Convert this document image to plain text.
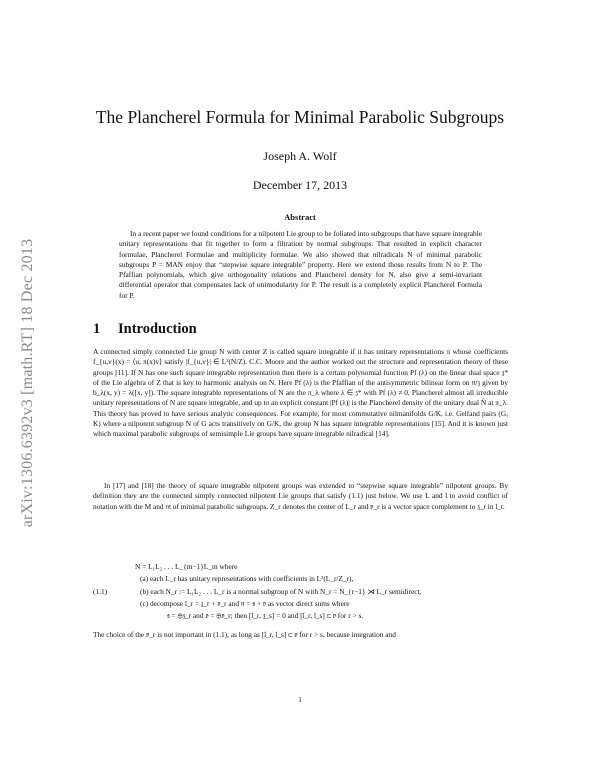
arXiv:1306.6392v3 [math.RT] 18 Dec 2013
The Plancherel Formula for Minimal Parabolic Subgroups
Joseph A. Wolf
December 17, 2013
Abstract
In a recent paper we found conditions for a nilpotent Lie group to be foliated into subgroups that have square integrable unitary representations that fit together to form a filtration by normal subgroups. That resulted in explicit character formulae, Plancherel Formulae and multiplicity formulae. We also showed that nilradicals N of minimal parabolic subgroups P = MAN enjoy that “stepwise square integrable” property. Here we extend those results from N to P. The Pfaffian polynomials, which give orthogonality relations and Plancherel density for N, also give a semi-invariant differential operator that compensates lack of unimodularity for P. The result is a completely explicit Plancherel Formula for P.
1 Introduction
A connected simply connected Lie group N with center Z is called square integrable if it has unitary representations π whose coefficients f_{u,v}(x) = ⟨u, π(x)v⟩ satisfy |f_{u,v}| ∈ L²(N/Z). C.C. Moore and the author worked out the structure and representation theory of these groups [11]. If N has one such square integrable representation then there is a certain polynomial function Pf (λ) on the linear dual space 𝔷* of the Lie algebra of Z that is key to harmonic analysis on N. Here Pf (λ) is the Pfaffian of the antisymmetric bilinear form on 𝔫/𝔷 given by b_λ(x, y) = λ([x, y]). The square integrable representations of N are the π_λ where λ ∈ 𝔷* with Pf (λ) ≠ 0, Plancherel almost all irreducible unitary representations of N are square integrable, and up to an explicit constant |Pf (λ)| is the Plancherel density of the unitary dual N̂ at π_λ. This theory has proved to have serious analytic consequences. For example, for most commutative nilmanifolds G/K, i.e. Gelfand pairs (G, K) where a nilpotent subgroup N of G acts transitively on G/K, the group N has square integrable representations [15]. And it is known just which maximal parabolic subgroups of semisimple Lie groups have square integrable nilradical [14].
In [17] and [18] the theory of square integrable nilpotent groups was extended to “stepwise square integrable” nilpotent groups. By definition they are the connected simply connected nilpotent Lie groups that satisfy (1.1) just below. We use L and 𝔩 to avoid conflict of notation with the M and 𝔪 of minimal parabolic subgroups. Z_r denotes the center of L_r and 𝔳_r is a vector space complement to 𝔷_r in 𝔩_r.
N = L₁L₂ . . . L_{m−1}L_m where
(a) each L_r has unitary representations with coefficients in L²(L_r/Z_r),
(1.1)	(b) each N_r := L₁L₂ . . . L_r is a normal subgroup of N with N_r = N_{r−1} ⋊ L_r semidirect,
(c) decompose 𝔩_r = 𝔷_r + 𝔳_r and 𝔫 = 𝔰 + 𝔳 as vector direct sums where
𝔰 = ⊕𝔷_r and 𝔳 = ⊕𝔳_r; then [𝔩_r, 𝔷_s] = 0 and [𝔩_r, 𝔩_s] ⊂ 𝔳 for r > s.
The choice of the 𝔳_r is not important in (1.1), as long as [𝔩_r, 𝔩_s] ⊂ 𝔳 for r > s, because integration and
1
